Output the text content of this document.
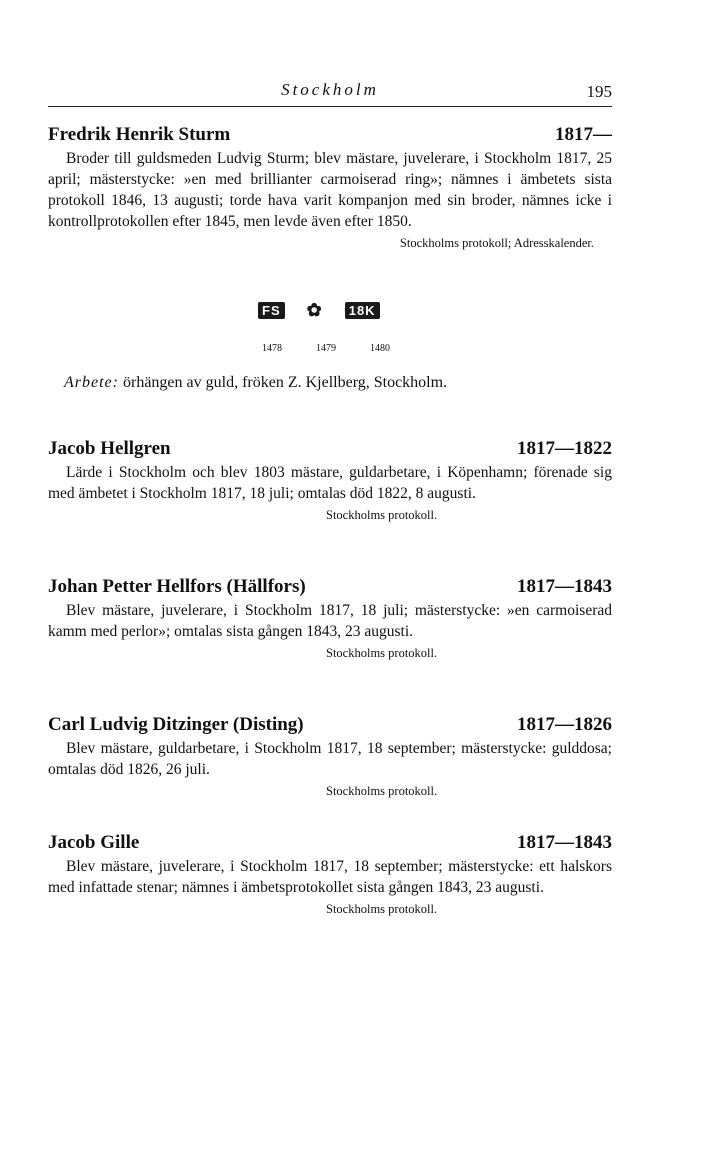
Stockholm	195
Fredrik Henrik Sturm	1817—
Broder till guldsmeden Ludvig Sturm; blev mästare, juvelerare, i Stockholm 1817, 25 april; mästerstycke: »en med brillianter carmoiserad ring»; nämnes i ämbetets sista protokoll 1846, 13 augusti; torde hava varit kompanjon med sin broder, nämnes icke i kontrollprotokollen efter 1845, men levde även efter 1850.
Stockholms protokoll; Adresskalender.
FS ✿	18K
1478	1479	1480
Arbete: örhängen av guld, fröken Z. Kjellberg, Stockholm.
Jacob Hellgren	1817—1822
Lärde i Stockholm och blev 1803 mästare, guldarbetare, i Köpenhamn; förenade sig med ämbetet i Stockholm 1817, 18 juli; omtalas död 1822, 8 augusti.
Stockholms protokoll.
Johan Petter Hellfors (Hällfors)	1817—1843
Blev mästare, juvelerare, i Stockholm 1817, 18 juli; mästerstycke: »en carmoiserad kamm med perlor»; omtalas sista gången 1843, 23 augusti.
Stockholms protokoll.
Carl Ludvig Ditzinger (Disting)	1817—1826
Blev mästare, guldarbetare, i Stockholm 1817, 18 september; mästerstycke: gulddosa; omtalas död 1826, 26 juli.
Stockholms protokoll.
Jacob Gille	1817—1843
Blev mästare, juvelerare, i Stockholm 1817, 18 september; mästerstycke: ett halskors med infattade stenar; nämnes i ämbetsprotokollet sista gången 1843, 23 augusti.
Stockholms protokoll.
